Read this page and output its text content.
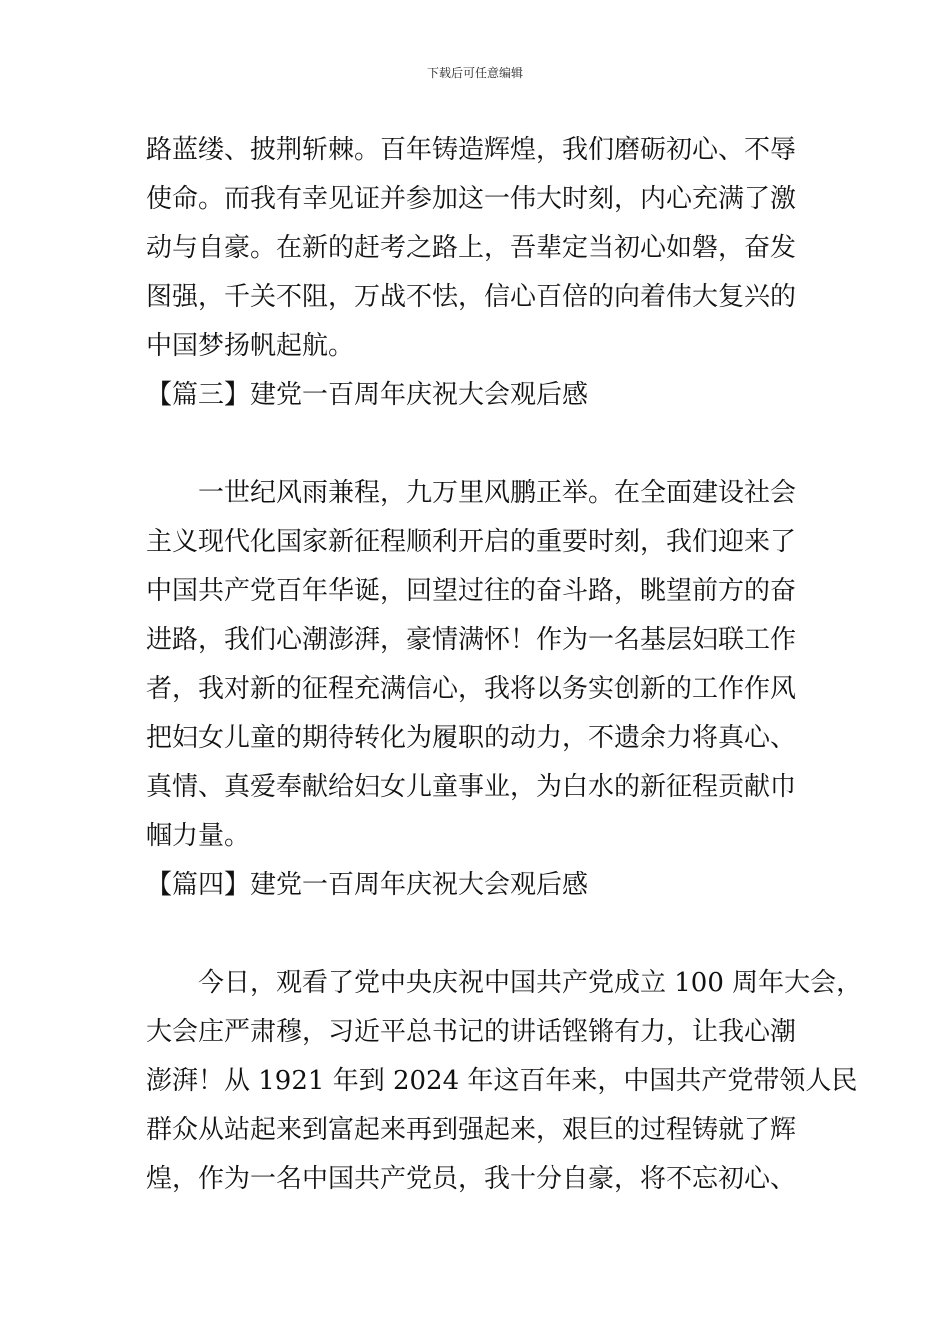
下载后可任意编辑
路蓝缕、披荆斩棘。百年铸造辉煌，我们磨砺初心、不辱
使命。而我有幸见证并参加这一伟大时刻，内心充满了激
动与自豪。在新的赶考之路上，吾辈定当初心如磐，奋发
图强，千关不阻，万战不怯，信心百倍的向着伟大复兴的
中国梦扬帆起航。
【篇三】建党一百周年庆祝大会观后感
　　一世纪风雨兼程，九万里风鹏正举。在全面建设社会
主义现代化国家新征程顺利开启的重要时刻，我们迎来了
中国共产党百年华诞，回望过往的奋斗路，眺望前方的奋
进路，我们心潮澎湃，豪情满怀！作为一名基层妇联工作
者，我对新的征程充满信心，我将以务实创新的工作作风
把妇女儿童的期待转化为履职的动力，不遗余力将真心、
真情、真爱奉献给妇女儿童事业，为白水的新征程贡献巾
帼力量。
【篇四】建党一百周年庆祝大会观后感
　　今日，观看了党中央庆祝中国共产党成立 100 周年大会，
大会庄严肃穆，习近平总书记的讲话铿锵有力，让我心潮
澎湃！从 1921 年到 2024 年这百年来，中国共产党带领人民
群众从站起来到富起来再到强起来，艰巨的过程铸就了辉
煌，作为一名中国共产党员，我十分自豪，将不忘初心、
